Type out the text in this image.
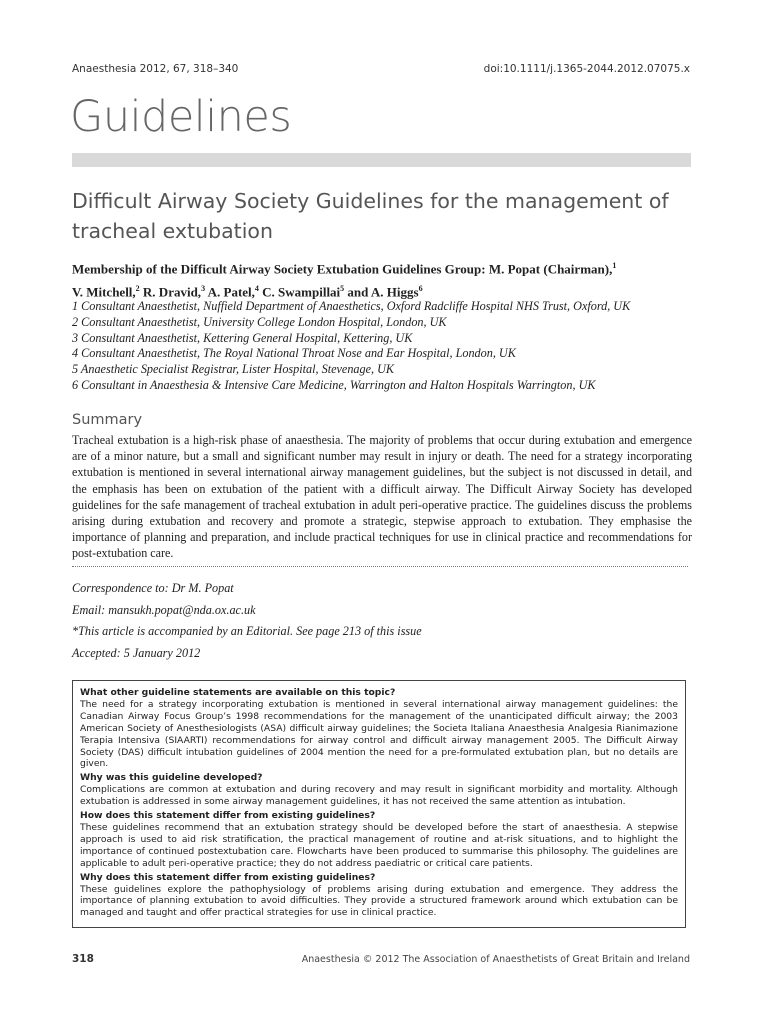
Anaesthesia 2012, 67, 318–340	doi:10.1111/j.1365-2044.2012.07075.x
Guidelines
Difficult Airway Society Guidelines for the management of tracheal extubation
Membership of the Difficult Airway Society Extubation Guidelines Group: M. Popat (Chairman),$^1$
V. Mitchell,$^2$ R. Dravid,$^3$ A. Patel,$^4$ C. Swampillai$^5$ and A. Higgs$^6$
1 Consultant Anaesthetist, Nuffield Department of Anaesthetics, Oxford Radcliffe Hospital NHS Trust, Oxford, UK
2 Consultant Anaesthetist, University College London Hospital, London, UK
3 Consultant Anaesthetist, Kettering General Hospital, Kettering, UK
4 Consultant Anaesthetist, The Royal National Throat Nose and Ear Hospital, London, UK
5 Anaesthetic Specialist Registrar, Lister Hospital, Stevenage, UK
6 Consultant in Anaesthesia & Intensive Care Medicine, Warrington and Halton Hospitals Warrington, UK
Summary
Tracheal extubation is a high-risk phase of anaesthesia. The majority of problems that occur during extubation and emergence are of a minor nature, but a small and significant number may result in injury or death. The need for a strategy incorporating extubation is mentioned in several international airway management guidelines, but the subject is not discussed in detail, and the emphasis has been on extubation of the patient with a difficult airway. The Difficult Airway Society has developed guidelines for the safe management of tracheal extubation in adult peri-operative practice. The guidelines discuss the problems arising during extubation and recovery and promote a strategic, stepwise approach to extubation. They emphasise the importance of planning and preparation, and include practical techniques for use in clinical practice and recommendations for post-extubation care.
Correspondence to: Dr M. Popat
Email: mansukh.popat@nda.ox.ac.uk
*This article is accompanied by an Editorial. See page 213 of this issue
Accepted: 5 January 2012
What other guideline statements are available on this topic?
The need for a strategy incorporating extubation is mentioned in several international airway management guidelines: the Canadian Airway Focus Group’s 1998 recommendations for the management of the unanticipated difficult airway; the 2003 American Society of Anesthesiologists (ASA) difficult airway guidelines; the Societa Italiana Anaesthesia Analgesia Rianimazione Terapia Intensiva (SIAARTI) recommendations for airway control and difficult airway management 2005. The Difficult Airway Society (DAS) difficult intubation guidelines of 2004 mention the need for a pre-formulated extubation plan, but no details are given.
Why was this guideline developed?
Complications are common at extubation and during recovery and may result in significant morbidity and mortality. Although extubation is addressed in some airway management guidelines, it has not received the same attention as intubation.
How does this statement differ from existing guidelines?
These guidelines recommend that an extubation strategy should be developed before the start of anaesthesia. A stepwise approach is used to aid risk stratification, the practical management of routine and at-risk situations, and to highlight the importance of continued postextubation care. Flowcharts have been produced to summarise this philosophy. The guidelines are applicable to adult peri-operative practice; they do not address paediatric or critical care patients.
Why does this statement differ from existing guidelines?
These guidelines explore the pathophysiology of problems arising during extubation and emergence. They address the importance of planning extubation to avoid difficulties. They provide a structured framework around which extubation can be managed and taught and offer practical strategies for use in clinical practice.
318	Anaesthesia © 2012 The Association of Anaesthetists of Great Britain and Ireland
